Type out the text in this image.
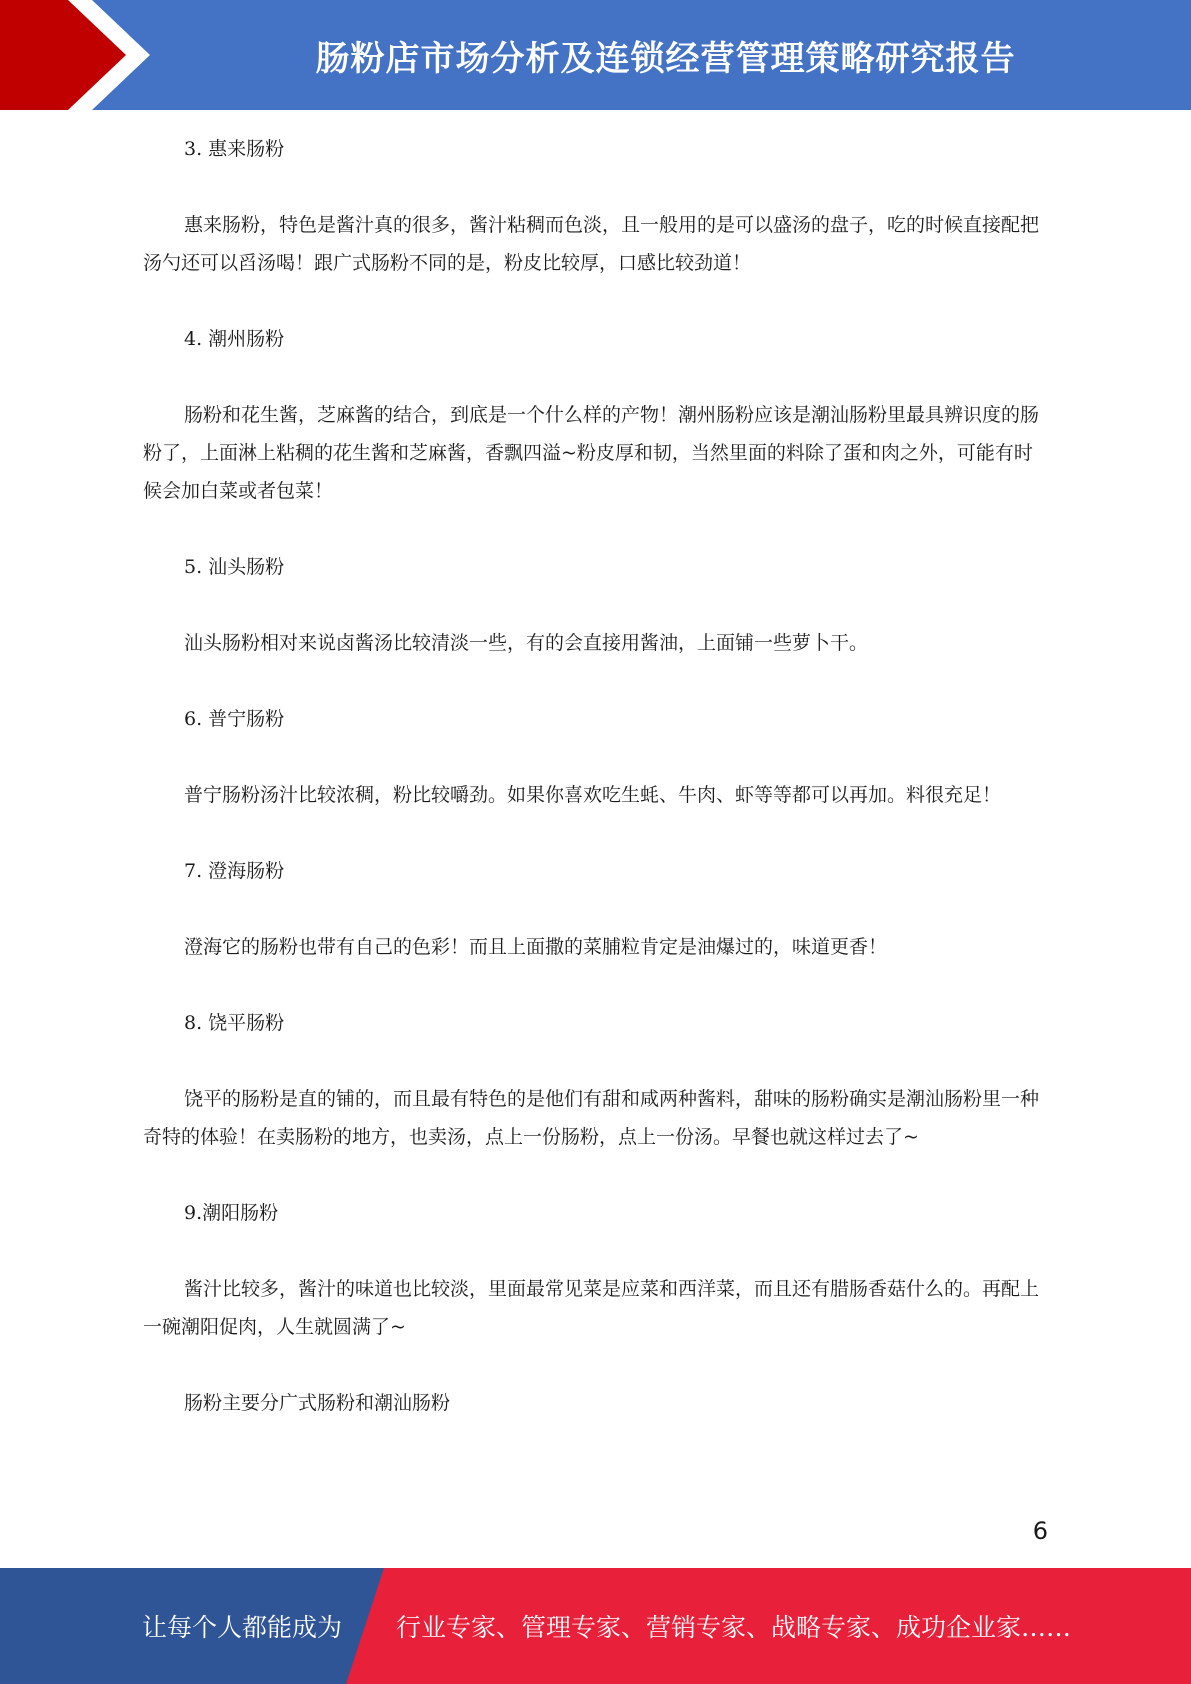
肠粉店市场分析及连锁经营管理策略研究报告

3. 惠来肠粉

惠来肠粉，特色是酱汁真的很多，酱汁粘稠而色淡，且一般用的是可以盛汤的盘子，吃的时候直接配把汤勺还可以舀汤喝！跟广式肠粉不同的是，粉皮比较厚，口感比较劲道！

4. 潮州肠粉

肠粉和花生酱，芝麻酱的结合，到底是一个什么样的产物！潮州肠粉应该是潮汕肠粉里最具辨识度的肠粉了，上面淋上粘稠的花生酱和芝麻酱，香飘四溢~粉皮厚和韧，当然里面的料除了蛋和肉之外，可能有时候会加白菜或者包菜！

5. 汕头肠粉

汕头肠粉相对来说卤酱汤比较清淡一些，有的会直接用酱油，上面铺一些萝卜干。

6. 普宁肠粉

普宁肠粉汤汁比较浓稠，粉比较嚼劲。如果你喜欢吃生蚝、牛肉、虾等等都可以再加。料很充足！

7. 澄海肠粉

澄海它的肠粉也带有自己的色彩！而且上面撒的菜脯粒肯定是油爆过的，味道更香！

8. 饶平肠粉

饶平的肠粉是直的铺的，而且最有特色的是他们有甜和咸两种酱料，甜味的肠粉确实是潮汕肠粉里一种奇特的体验！在卖肠粉的地方，也卖汤，点上一份肠粉，点上一份汤。早餐也就这样过去了~

9.潮阳肠粉

酱汁比较多，酱汁的味道也比较淡，里面最常见菜是应菜和西洋菜，而且还有腊肠香菇什么的。再配上一碗潮阳促肉，人生就圆满了~

肠粉主要分广式肠粉和潮汕肠粉

6
让每个人都能成为 行业专家、管理专家、营销专家、战略专家、成功企业家……
